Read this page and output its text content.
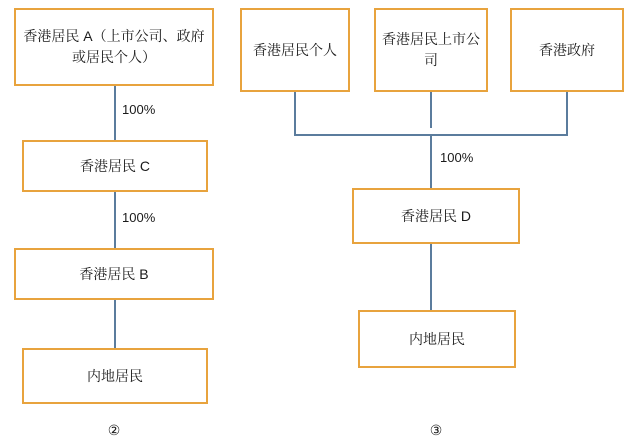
香港居民 A（上市公司、政府或居民个人）
100%
香港居民 C
100%
香港居民 B
内地居民
②
香港居民个人
香港居民上市公司
香港政府
100%
香港居民 D
内地居民
③
